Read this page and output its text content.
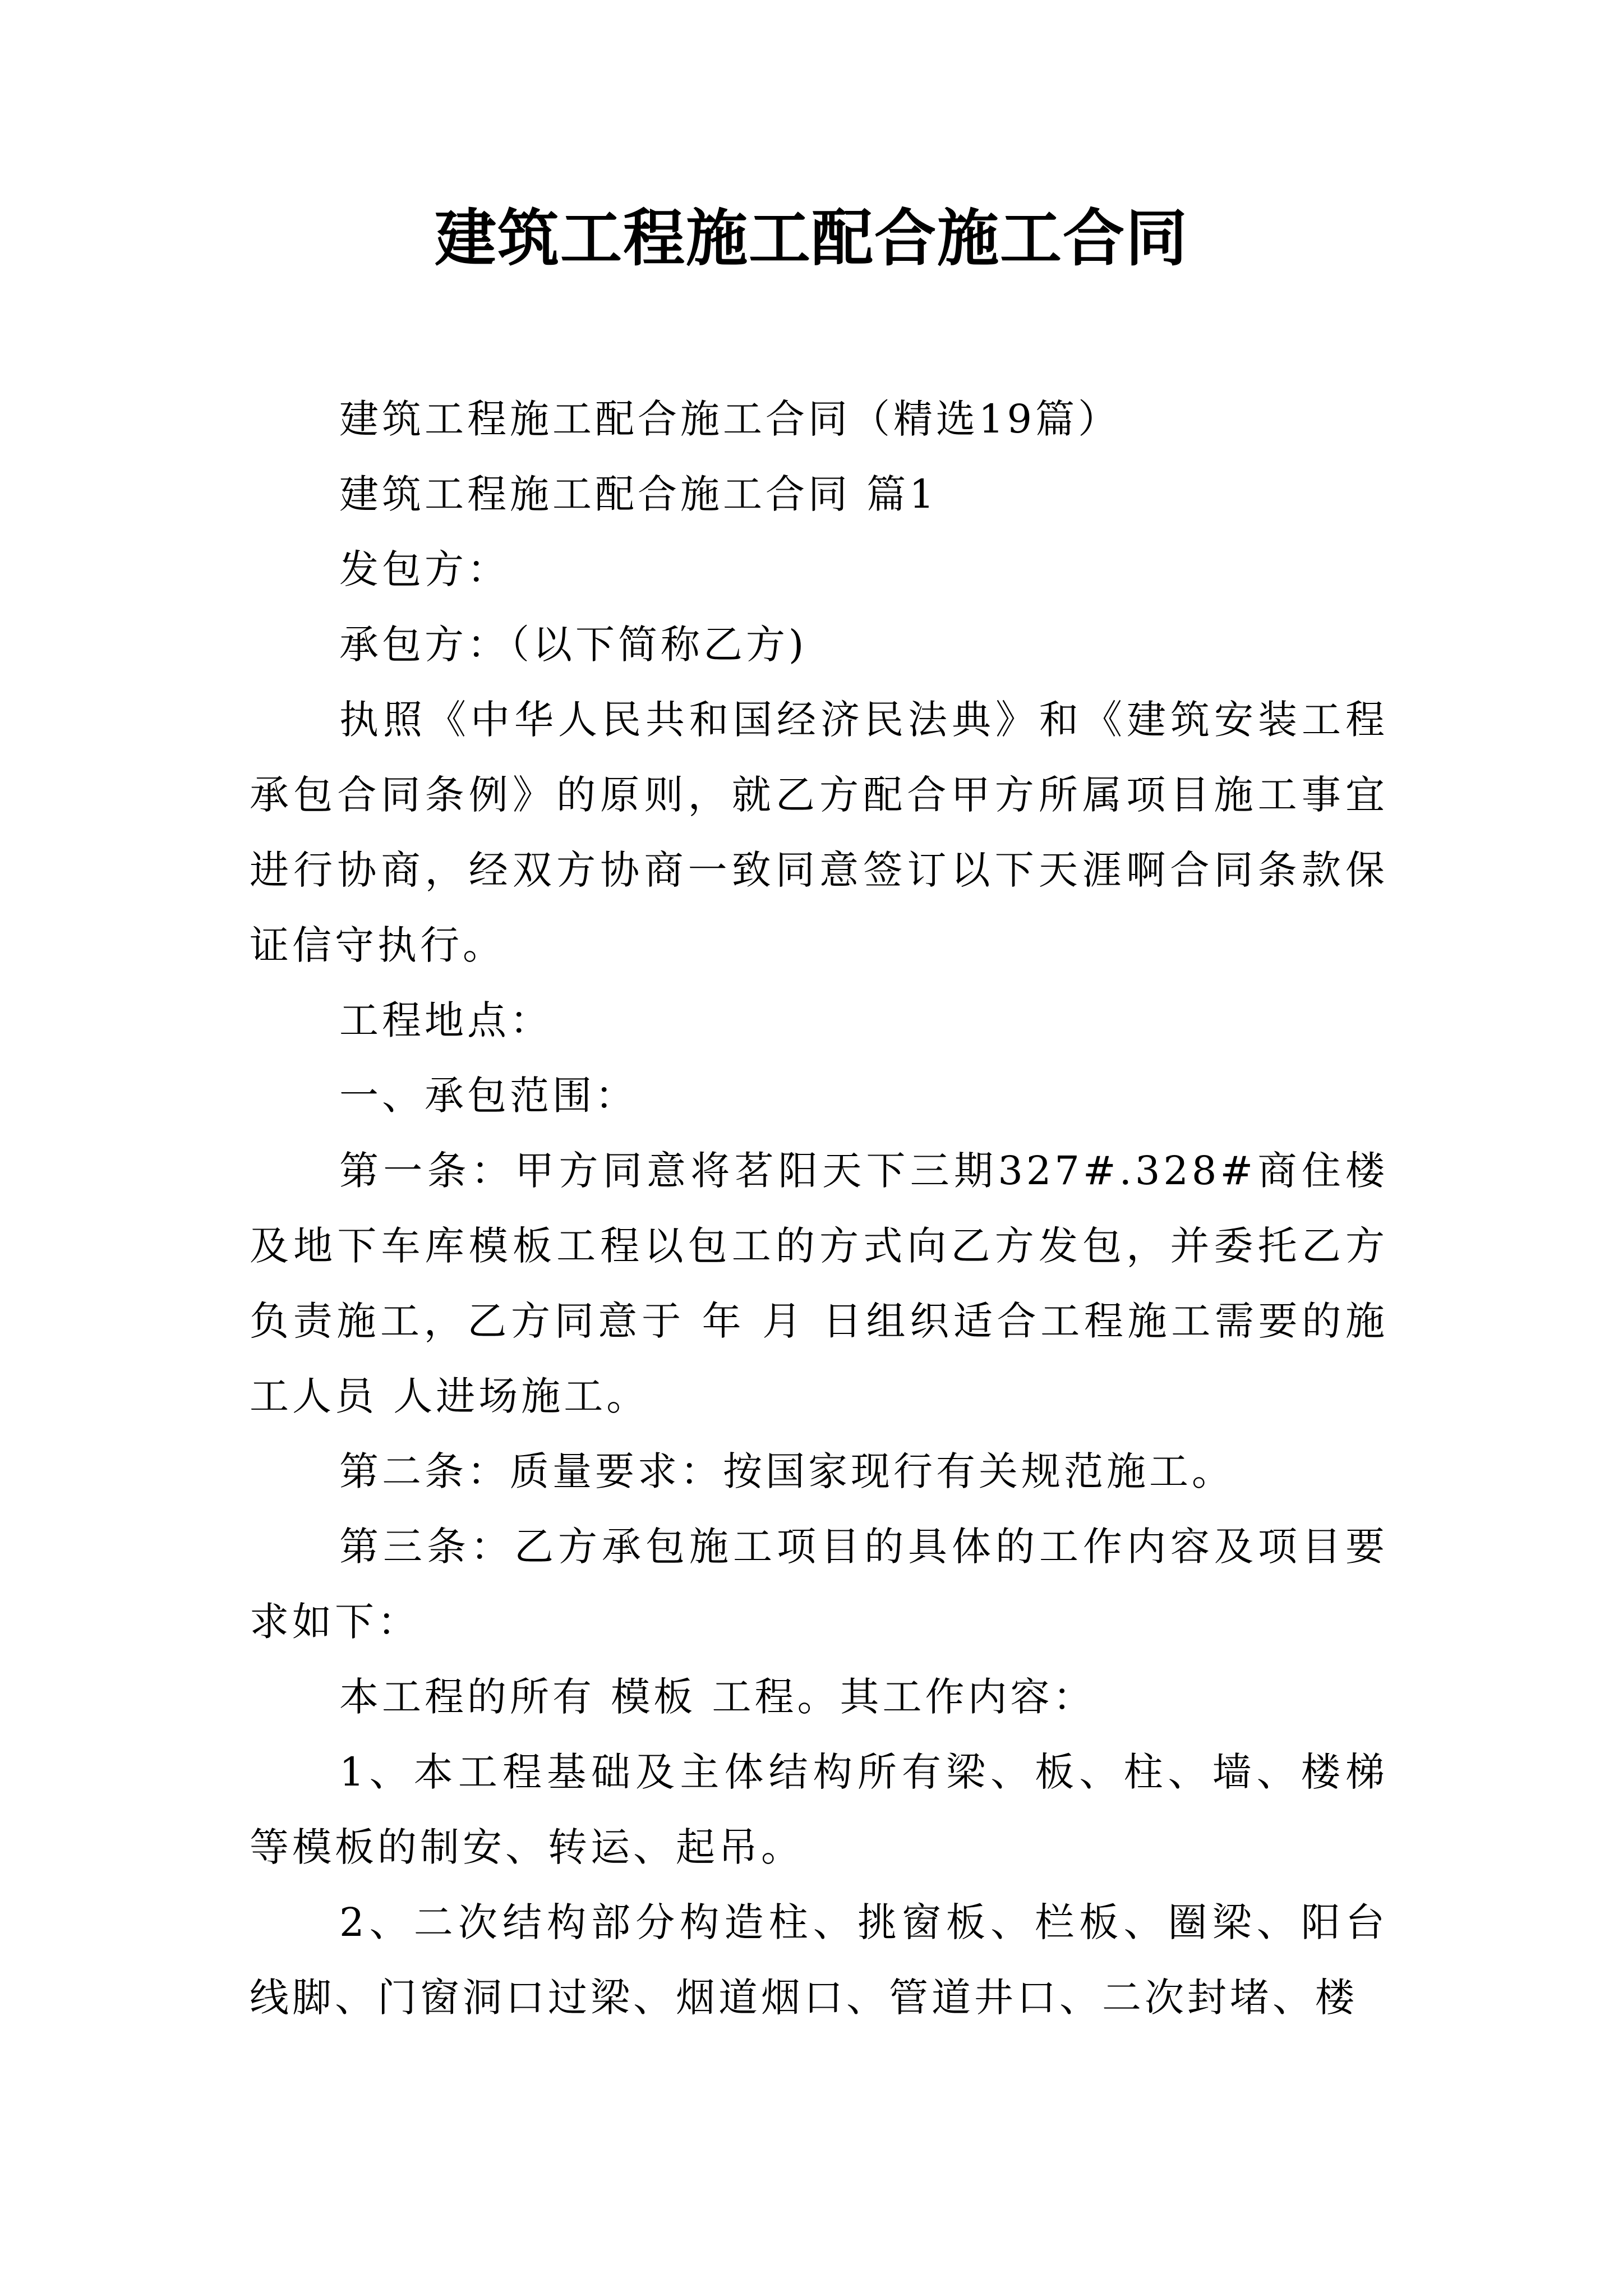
建筑工程施工配合施工合同

建筑工程施工配合施工合同（精选19篇）

建筑工程施工配合施工合同 篇1

发包方：

承包方：（以下简称乙方)

执照《中华人民共和国经济民法典》和《建筑安装工程承包合同条例》的原则，就乙方配合甲方所属项目施工事宜进行协商，经双方协商一致同意签订以下天涯啊合同条款保证信守执行。

工程地点：

一、承包范围：

第一条：甲方同意将茗阳天下三期327#.328#商住楼及地下车库模板工程以包工的方式向乙方发包，并委托乙方负责施工，乙方同意于 年 月 日组织适合工程施工需要的施工人员 人进场施工。

第二条：质量要求：按国家现行有关规范施工。

第三条：乙方承包施工项目的具体的工作内容及项目要求如下：

本工程的所有 模板 工程。其工作内容：

1、本工程基础及主体结构所有梁、板、柱、墙、楼梯等模板的制安、转运、起吊。

2、二次结构部分构造柱、挑窗板、栏板、圈梁、阳台线脚、门窗洞口过梁、烟道烟口、管道井口、二次封堵、楼
